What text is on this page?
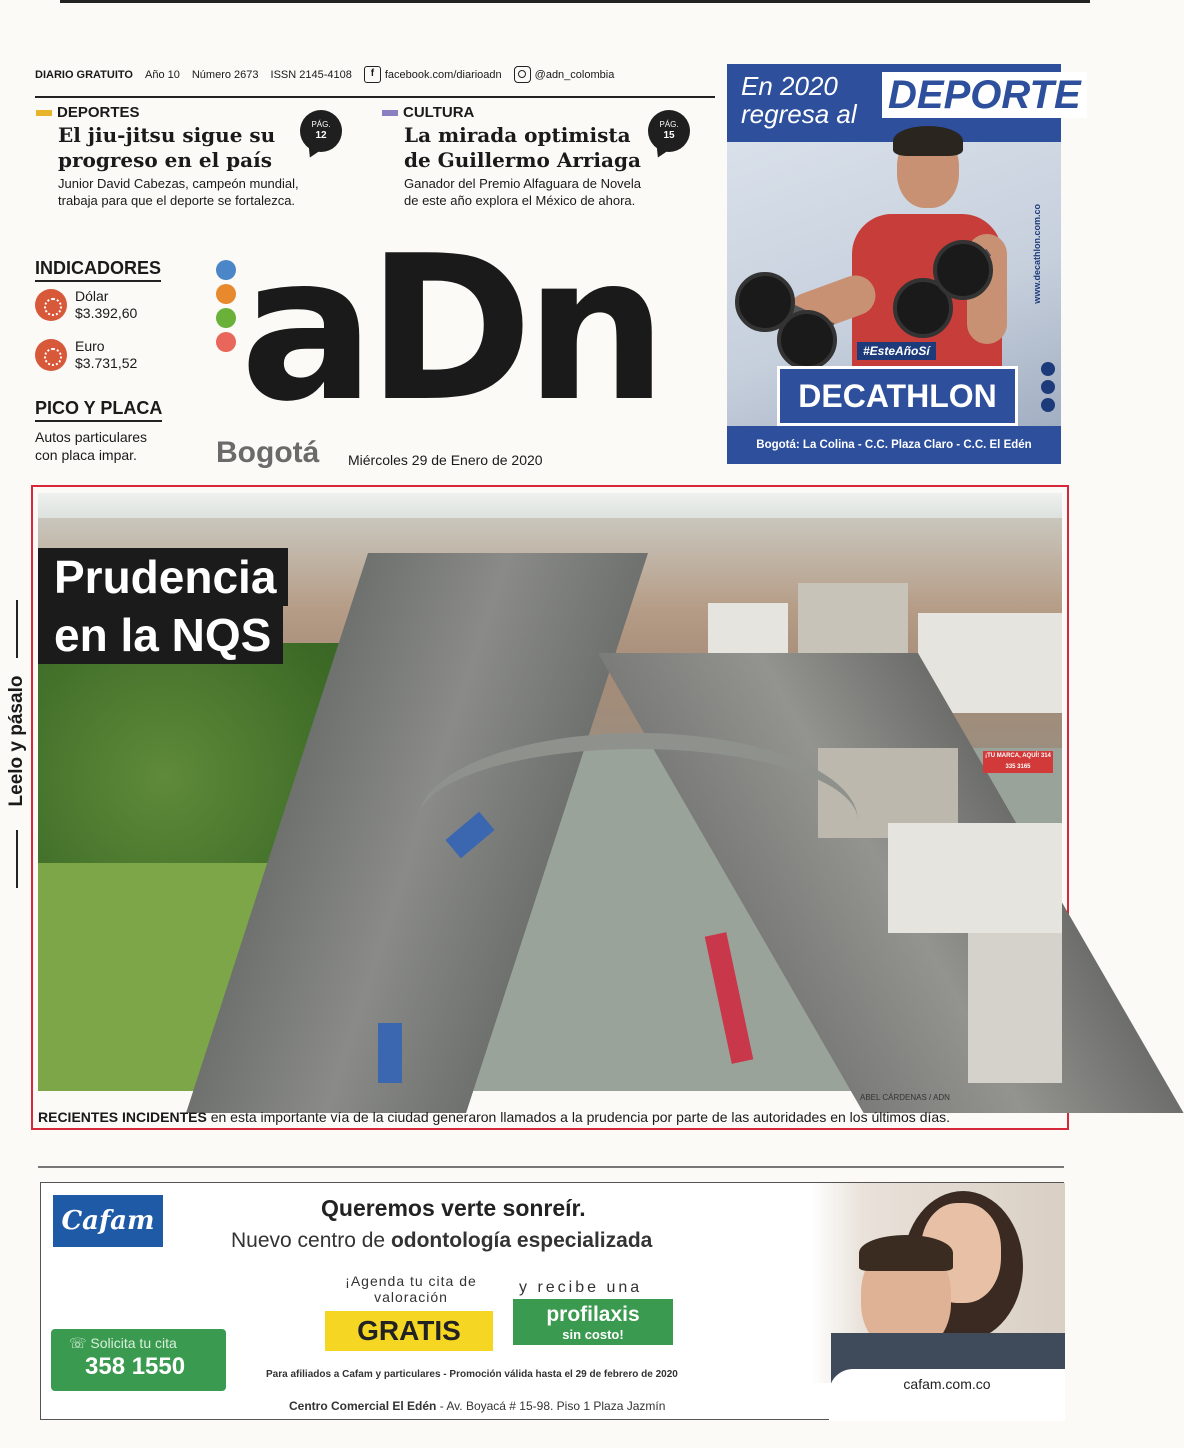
DIARIO GRATUITO Año 10 Número 2673 ISSN 2145-4108	f facebook.com/diarioadn	@adn_colombia
DEPORTES
El jiu-jitsu sigue su
progreso en el país
Junior David Cabezas, campeón mundial,
trabaja para que el deporte se fortalezca.
PÁG.
12
CULTURA
La mirada optimista
de Guillermo Arriaga
Ganador del Premio Alfaguara de Novela
de este año explora el México de ahora.
PÁG.
15
INDICADORES
Dólar
$3.392,60
Euro
$3.731,52
PICO Y PLACA
Autos particulares
con placa impar.
aDn
Bogotá Miércoles 29 de Enero de 2020
En 2020
regresa al DEPORTE
#EsteAñoSí
DECATHLON
www.decathlon.com.co
Bogotá: La Colina - C.C. Plaza Claro - C.C. El Edén
Leelo y pásalo	¡TU MARCA, AQUÍ! 314 335 3165
Prudencia
en la NQS
ABEL CÁRDENAS / ADN
RECIENTES INCIDENTES en esta importante vía de la ciudad generaron llamados a la prudencia por parte de las autoridades en los últimos días.
Cafam	Queremos verte sonreír.
Nuevo centro de odontología especializada
¡Agenda tu cita de
valoración
GRATIS
y recibe una
profilaxis
sin costo!
☏ Solicita tu cita
358 1550	Para afiliados a Cafam y particulares - Promoción válida hasta el 29 de febrero de 2020
Centro Comercial El Edén - Av. Boyacá # 15-98. Piso 1 Plaza Jazmín
cafam.com.co
